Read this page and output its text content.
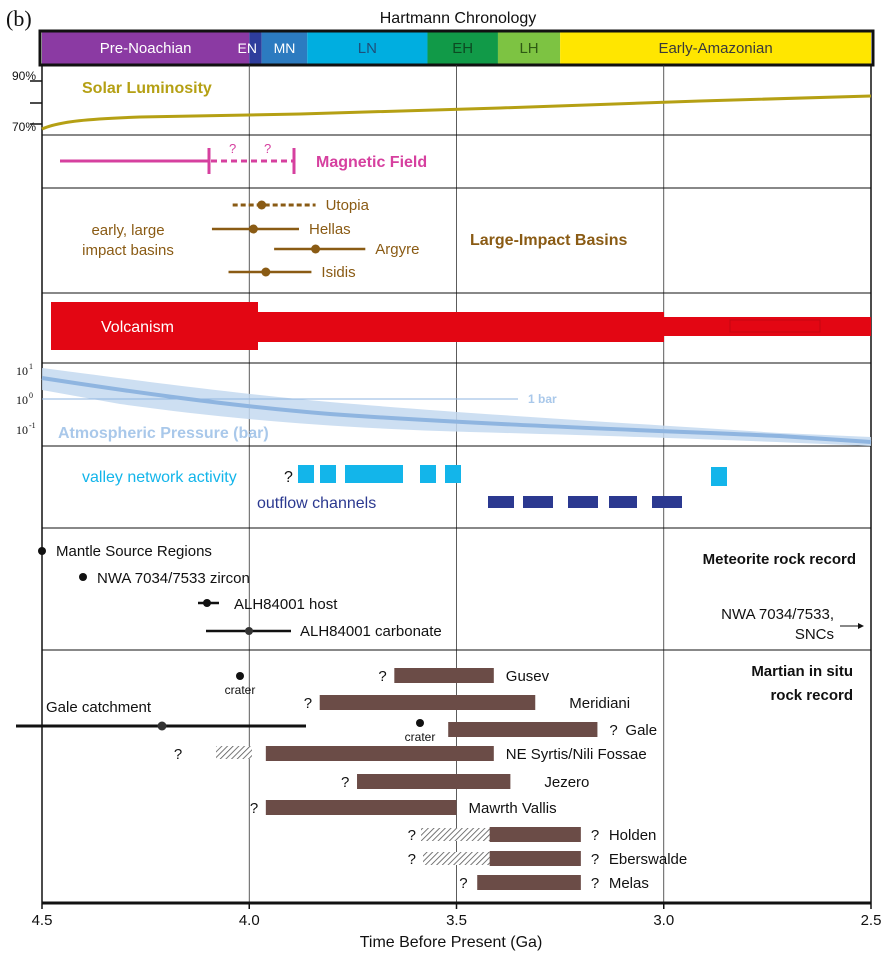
(b)	Hartmann Chronology
Pre-Noachian	EN MN	LN	EH	LH	Early-Amazonian
90%
70%
Solar Luminosity
? ?
Magnetic Field
early, large
impact basins
Large-Impact Basins
Utopia
Hellas
Argyre
Isidis
Volcanism
1 bar
Atmospheric Pressure (bar)
10 1
10 0
10 -1
valley network activity	?
outflow channels
Mantle Source Regions
NWA 7034/7533 zircon
ALH84001 host
ALH84001 carbonate
Meteorite rock record
NWA 7034/7533,
SNCs
Martian in situ
rock record
Gale catchment
crater
crater
?	Gusev
?	Meridiani
? Gale
?	NE Syrtis/Nili Fossae
?	Jezero
?	Mawrth Vallis
?
?	Holden
?
?	Eberswalde
?
?	Melas
Time Before Present (Ga)
4.5	4.0	3.5	3.0	2.5
